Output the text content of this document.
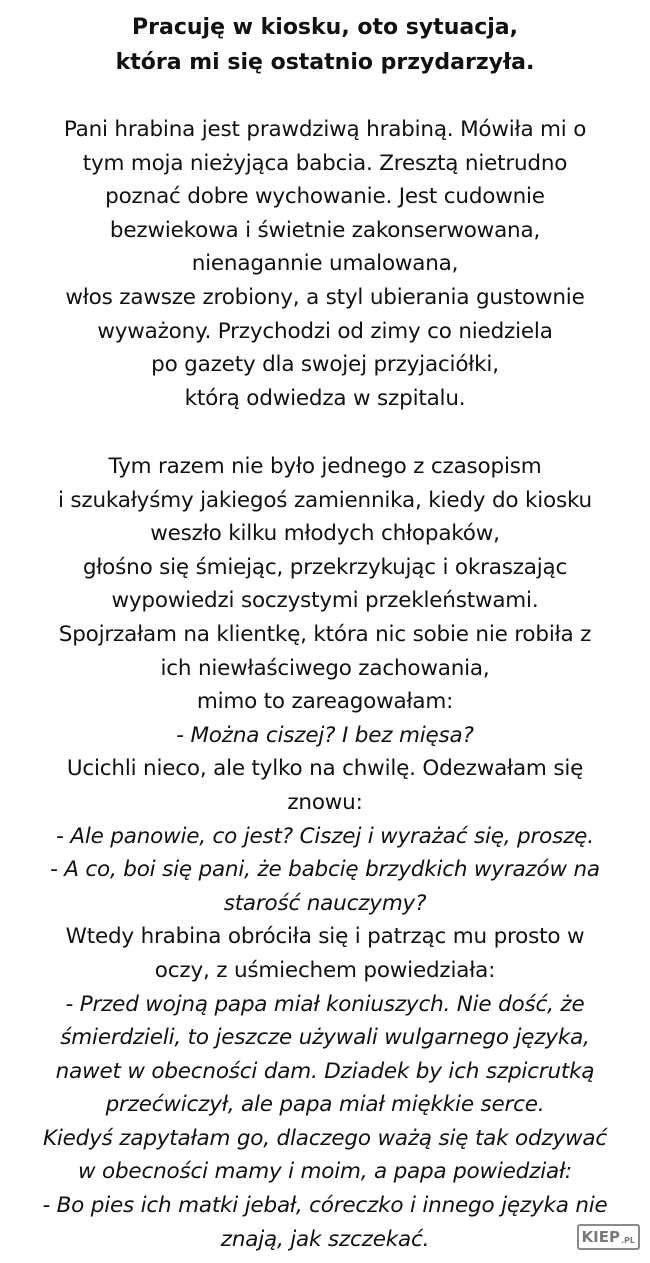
Pracuję w kiosku, oto sytuacja,
która mi się ostatnio przydarzyła.
Pani hrabina jest prawdziwą hrabiną. Mówiła mi o
tym moja nieżyjąca babcia. Zresztą nietrudno
poznać dobre wychowanie. Jest cudownie
bezwiekowa i świetnie zakonserwowana,
nienagannie umalowana,
włos zawsze zrobiony, a styl ubierania gustownie
wyważony. Przychodzi od zimy co niedziela
po gazety dla swojej przyjaciółki,
którą odwiedza w szpitalu.
Tym razem nie było jednego z czasopism
i szukałyśmy jakiegoś zamiennika, kiedy do kiosku
weszło kilku młodych chłopaków,
głośno się śmiejąc, przekrzykując i okraszając
wypowiedzi soczystymi przekleństwami.
Spojrzałam na klientkę, która nic sobie nie robiła z
ich niewłaściwego zachowania,
mimo to zareagowałam:
- Można ciszej? I bez mięsa?
Ucichli nieco, ale tylko na chwilę. Odezwałam się
znowu:
- Ale panowie, co jest? Ciszej i wyrażać się, proszę.
- A co, boi się pani, że babcię brzydkich wyrazów na
starość nauczymy?
Wtedy hrabina obróciła się i patrząc mu prosto w
oczy, z uśmiechem powiedziała:
- Przed wojną papa miał koniuszych. Nie dość, że
śmierdzieli, to jeszcze używali wulgarnego języka,
nawet w obecności dam. Dziadek by ich szpicrutką
przećwiczył, ale papa miał miękkie serce.
Kiedyś zapytałam go, dlaczego ważą się tak odzywać
w obecności mamy i moim, a papa powiedział:
- Bo pies ich matki jebał, córeczko i innego języka nie
znają, jak szczekać.	KIEP .PL
